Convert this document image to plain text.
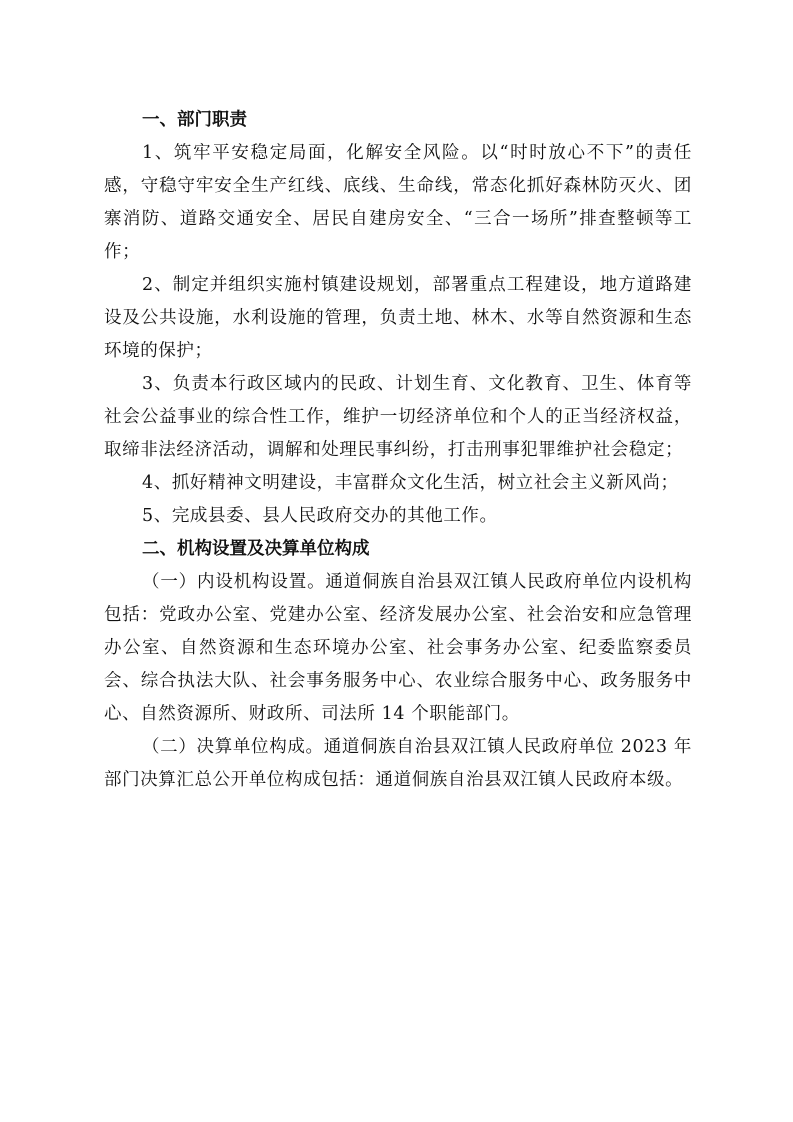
一、部门职责

1、筑牢平安稳定局面，化解安全风险。以“时时放心不下”的责任感，守稳守牢安全生产红线、底线、生命线，常态化抓好森林防灭火、团寨消防、道路交通安全、居民自建房安全、“三合一场所”排查整顿等工作；

2、制定并组织实施村镇建设规划，部署重点工程建设，地方道路建设及公共设施，水利设施的管理，负责土地、林木、水等自然资源和生态环境的保护；

3、负责本行政区域内的民政、计划生育、文化教育、卫生、体育等社会公益事业的综合性工作，维护一切经济单位和个人的正当经济权益，取缔非法经济活动，调解和处理民事纠纷，打击刑事犯罪维护社会稳定；

4、抓好精神文明建设，丰富群众文化生活，树立社会主义新风尚；

5、完成县委、县人民政府交办的其他工作。

二、机构设置及决算单位构成

（一）内设机构设置。通道侗族自治县双江镇人民政府单位内设机构包括：党政办公室、党建办公室、经济发展办公室、社会治安和应急管理办公室、自然资源和生态环境办公室、社会事务办公室、纪委监察委员会、综合执法大队、社会事务服务中心、农业综合服务中心、政务服务中心、自然资源所、财政所、司法所 14 个职能部门。

（二）决算单位构成。通道侗族自治县双江镇人民政府单位 2023 年部门决算汇总公开单位构成包括：通道侗族自治县双江镇人民政府本级。
